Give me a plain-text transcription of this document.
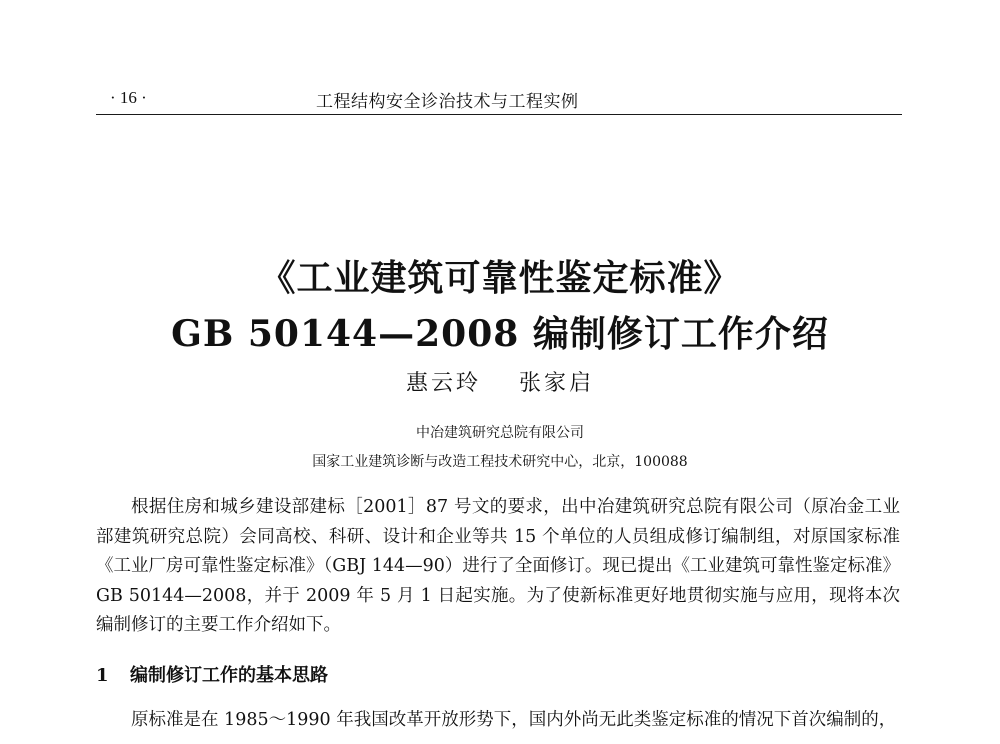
· 16 ·	工程结构安全诊治技术与工程实例
《工业建筑可靠性鉴定标准》
GB 50144—2008 编制修订工作介绍
惠云玲 张家启
中冶建筑研究总院有限公司
国家工业建筑诊断与改造工程技术研究中心，北京，100088

根据住房和城乡建设部建标［2001］87 号文的要求，出中冶建筑研究总院有限公司（原冶金工业部建筑研究总院）会同高校、科研、设计和企业等共 15 个单位的人员组成修订编制组，对原国家标准《工业厂房可靠性鉴定标准》（GBJ 144—90）进行了全面修订。现已提出《工业建筑可靠性鉴定标准》GB 50144—2008，并于 2009 年 5 月 1 日起实施。为了使新标准更好地贯彻实施与应用，现将本次编制修订的主要工作介绍如下。

1 编制修订工作的基本思路

原标准是在 1985～1990 年我国改革开放形势下，国内外尚无此类鉴定标准的情况下首次编制的，
